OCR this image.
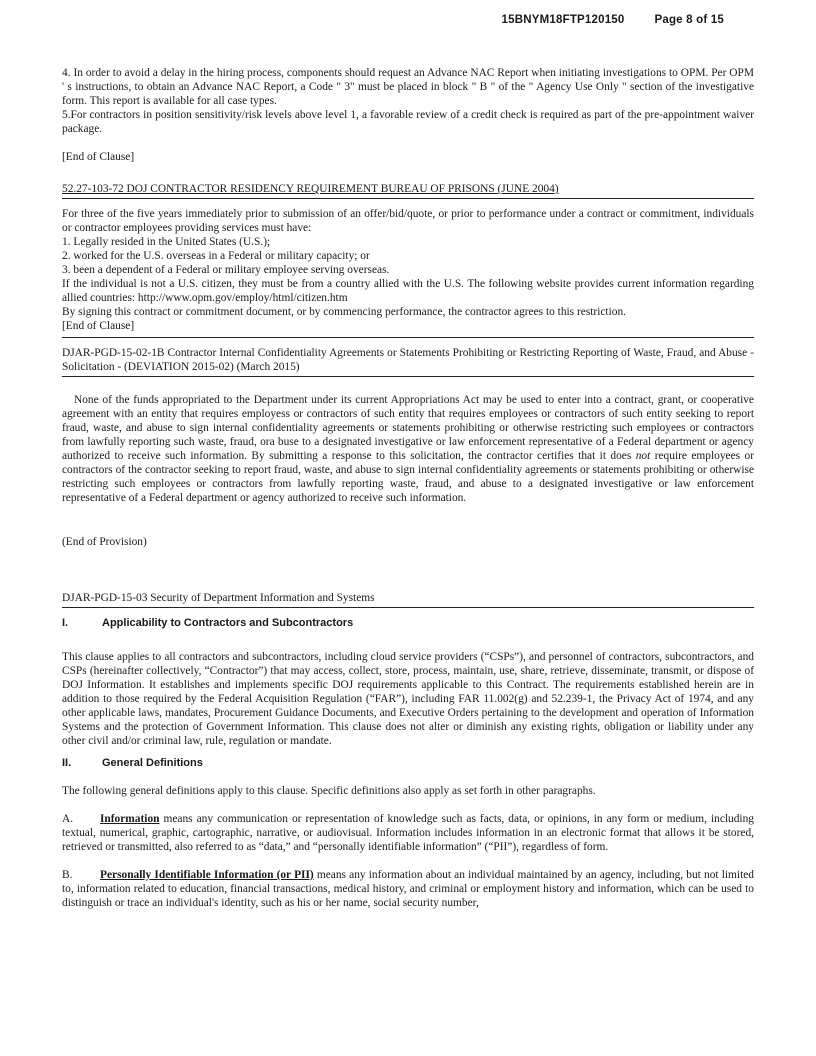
15BNYM18FTP120150	Page 8 of 15

4. In order to avoid a delay in the hiring process, components should request an Advance NAC Report when initiating investigations to OPM. Per OPM ' s instructions, to obtain an Advance NAC Report, a Code " 3" must be placed in block " B " of the " Agency Use Only " section of the investigative form. This report is available for all case types.

5.For contractors in position sensitivity/risk levels above level 1, a favorable review of a credit check is required as part of the pre-appointment waiver package.

[End of Clause]

52.27-103-72 DOJ CONTRACTOR RESIDENCY REQUIREMENT BUREAU OF PRISONS (JUNE 2004)

For three of the five years immediately prior to submission of an offer/bid/quote, or prior to performance under a contract or commitment, individuals or contractor employees providing services must have:

1. Legally resided in the United States (U.S.);

2. worked for the U.S. overseas in a Federal or military capacity; or

3. been a dependent of a Federal or military employee serving overseas.

If the individual is not a U.S. citizen, they must be from a country allied with the U.S. The following website provides current information regarding allied countries: http://www.opm.gov/employ/html/citizen.htm

By signing this contract or commitment document, or by commencing performance, the contractor agrees to this restriction.

[End of Clause]

DJAR-PGD-15-02-1B Contractor Internal Confidentiality Agreements or Statements Prohibiting or Restricting Reporting of Waste, Fraud, and Abuse - Solicitation - (DEVIATION 2015-02) (March 2015)

None of the funds appropriated to the Department under its current Appropriations Act may be used to enter into a contract, grant, or cooperative agreement with an entity that requires employess or contractors of such entity that requires employees or contractors of such entity seeking to report fraud, waste, and abuse to sign internal confidentiality agreements or statements prohibiting or otherwise restricting such employees or contractors from lawfully reporting such waste, fraud, ora buse to a designated investigative or law enforcement representative of a Federal department or agency authorized to receive such information. By submitting a response to this solicitation, the contractor certifies that it does not require employees or contractors of the contractor seeking to report fraud, waste, and abuse to sign internal confidentiality agreements or statements prohibiting or otherwise restricting such employees or contractors from lawfully reporting waste, fraud, and abuse to a designated investigative or law enforcement representative of a Federal department or agency authorized to receive such information.

(End of Provision)

DJAR-PGD-15-03 Security of Department Information and Systems

I.	Applicability to Contractors and Subcontractors

This clause applies to all contractors and subcontractors, including cloud service providers (“CSPs”), and personnel of contractors, subcontractors, and CSPs (hereinafter collectively, “Contractor”) that may access, collect, store, process, maintain, use, share, retrieve, disseminate, transmit, or dispose of DOJ Information. It establishes and implements specific DOJ requirements applicable to this Contract. The requirements established herein are in addition to those required by the Federal Acquisition Regulation (“FAR”), including FAR 11.002(g) and 52.239-1, the Privacy Act of 1974, and any other applicable laws, mandates, Procurement Guidance Documents, and Executive Orders pertaining to the development and operation of Information Systems and the protection of Government Information. This clause does not alter or diminish any existing rights, obligation or liability under any other civil and/or criminal law, rule, regulation or mandate.

II.	General Definitions

The following general definitions apply to this clause. Specific definitions also apply as set forth in other paragraphs.

A. Information means any communication or representation of knowledge such as facts, data, or opinions, in any form or medium, including textual, numerical, graphic, cartographic, narrative, or audiovisual. Information includes information in an electronic format that allows it be stored, retrieved or transmitted, also referred to as “data,” and “personally identifiable information” (“PII”), regardless of form.

B. Personally Identifiable Information (or PII) means any information about an individual maintained by an agency, including, but not limited to, information related to education, financial transactions, medical history, and criminal or employment history and information, which can be used to distinguish or trace an individual's identity, such as his or her name, social security number,
